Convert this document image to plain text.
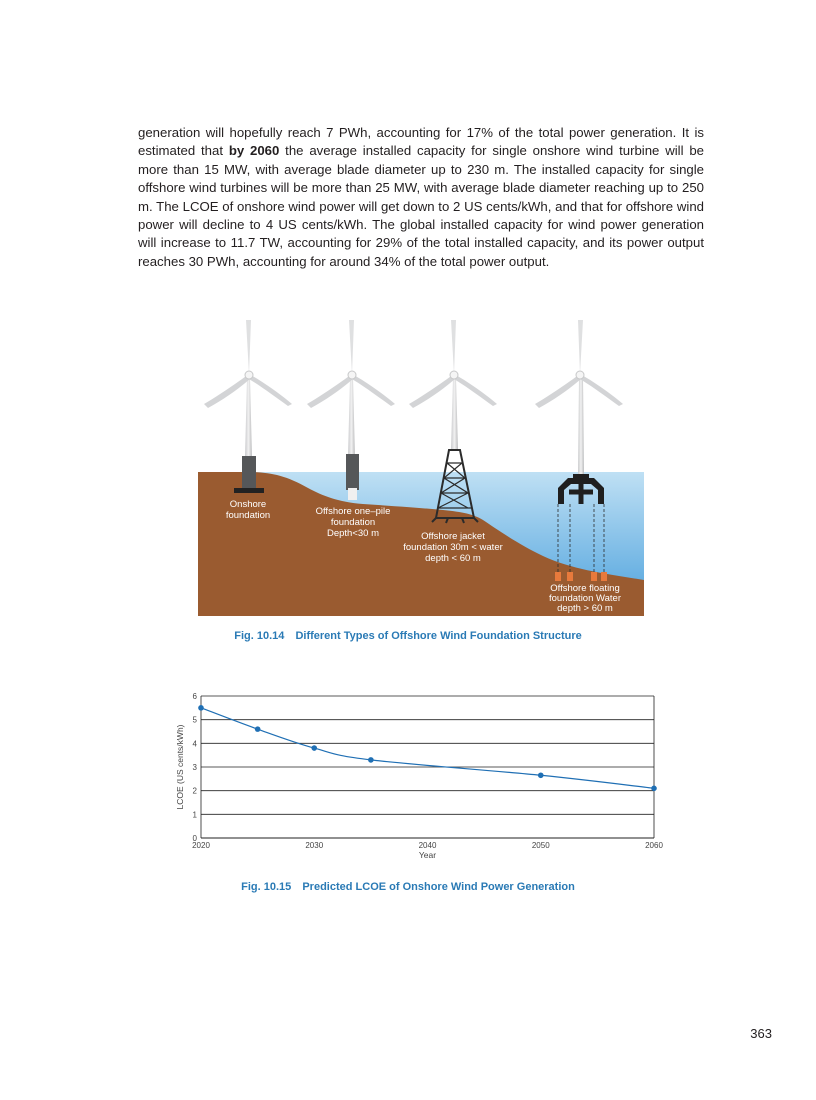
generation will hopefully reach 7 PWh, accounting for 17% of the total power generation. It is estimated that by 2060 the average installed capacity for single onshore wind turbine will be more than 15 MW, with average blade diameter up to 230 m. The installed capacity for single offshore wind turbines will be more than 25 MW, with average blade diameter reaching up to 250 m. The LCOE of onshore wind power will get down to 2 US cents/kWh, and that for offshore wind power will decline to 4 US cents/kWh. The global installed capacity for wind power generation will increase to 11.7 TW, accounting for 29% of the total installed capacity, and its power output reaches 30 PWh, accounting for around 34% of the total power output.

Onshore
foundation	Offshore one–pile
foundation
Depth<30 m	Offshore jacket
foundation 30m < water
depth < 60 m
Offshore floating
foundation Water
depth > 60 m
Fig. 10.14 Different Types of Offshore Wind Foundation Structure
0
1
2
3
4
5
6
2020	2030	2040	2050	2060
Year
LCOE (US cents/kWh)
Fig. 10.15 Predicted LCOE of Onshore Wind Power Generation
363
